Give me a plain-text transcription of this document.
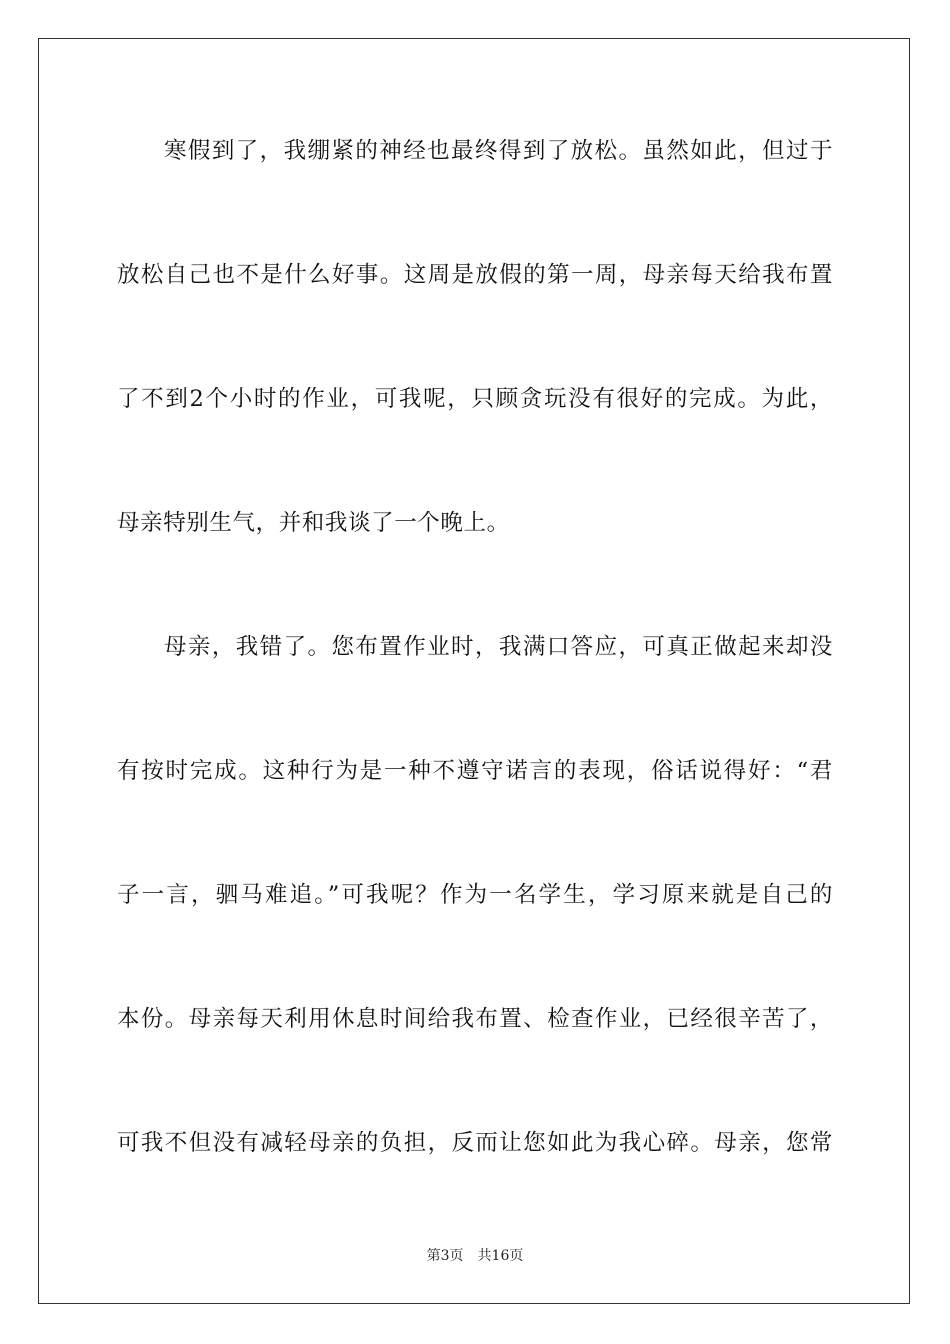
寒假到了，我绷紧的神经也最终得到了放松。虽然如此，但过于
放松自己也不是什么好事。这周是放假的第一周，母亲每天给我布置
了不到2个小时的作业，可我呢，只顾贪玩没有很好的完成。为此，
母亲特别生气，并和我谈了一个晚上。
母亲，我错了。您布置作业时，我满口答应，可真正做起来却没
有按时完成。这种行为是一种不遵守诺言的表现，俗话说得好：“君
子一言，驷马难追。”可我呢？作为一名学生，学习原来就是自己的
本份。母亲每天利用休息时间给我布置、检查作业，已经很辛苦了，
可我不但没有减轻母亲的负担，反而让您如此为我心碎。母亲，您常
第3页 共16页
